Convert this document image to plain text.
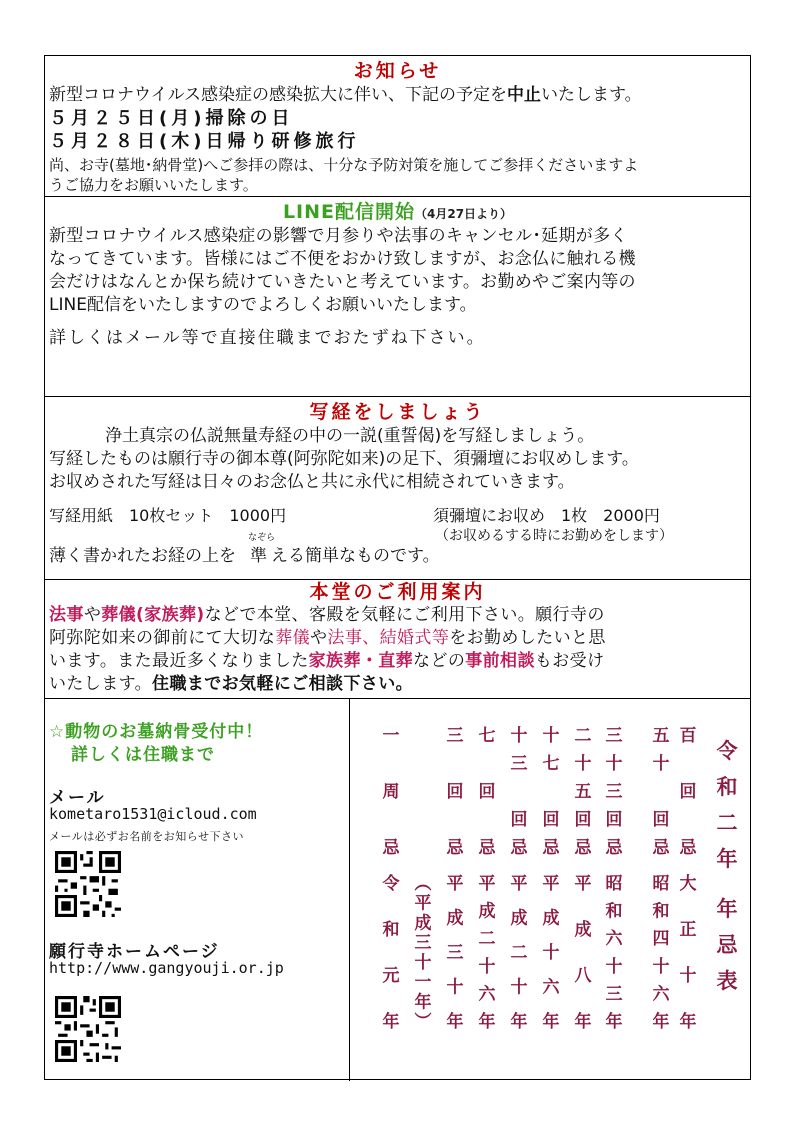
お知らせ
新型コロナウイルス感染症の感染拡大に伴い、下記の予定を中止いたします。
５月２５日(月)掃除の日
５月２８日(木)日帰り研修旅行
尚、お寺(墓地･納骨堂)へご参拝の際は、十分な予防対策を施してご参拝くださいますよ
うご協力をお願いいたします。
LINE配信開始（4月27日より）
新型コロナウイルス感染症の影響で月参りや法事のキャンセル･延期が多く
なってきています。皆様にはご不便をおかけ致しますが、お念仏に触れる機
会だけはなんとか保ち続けていきたいと考えています。お勤めやご案内等の
LINE配信をいたしますのでよろしくお願いいたします。
詳しくはメール等で直接住職までおたずね下さい。
写経をしましょう
浄土真宗の仏説無量寿経の中の一説(重誓偈)を写経しましょう。
写経したものは願行寺の御本尊(阿弥陀如来)の足下、須彌壇にお収めします。
お収めされた写経は日々のお念仏と共に永代に相続されていきます。
写経用紙　10枚セット　1000円	須彌壇にお収め　1枚　2000円
（お収めるする時にお勤めをします）
薄く書かれたお経の上を
なぞら
準 える簡単なものです。
本堂のご利用案内
法事や葬儀(家族葬)などで本堂、客殿を気軽にご利用下さい。願行寺の
阿弥陀如来の御前にて大切な葬儀や法事、結婚式等をお勤めしたいと思
います。また最近多くなりました家族葬・直葬などの事前相談もお受け
いたします。住職までお気軽にご相談下さい。
☆動物のお墓納骨受付中！
詳しくは住職まで
メール
kometaro1531@icloud.com
メールは必ずお名前をお知らせ下さい
願行寺ホームページ
http://www.gangyouji.or.jp
一
周
忌
令
和
元
年
︵
平
成
三
十
一
年
︶
三
回
忌
平
成
三
十
年
七
回
忌
平
成
二
十
六
年
十
三
回
忌
平
成
二
十
年
十
七
回
忌
平
成
十
六
年
二
十
五
回
忌
平
成
八
年
三
十
三
回
忌
昭
和
六
十
三
年
五
十
回
忌
昭
和
四
十
六
年
百
回
忌
大
正
十
年
令
和
二
年

年
忌
表
